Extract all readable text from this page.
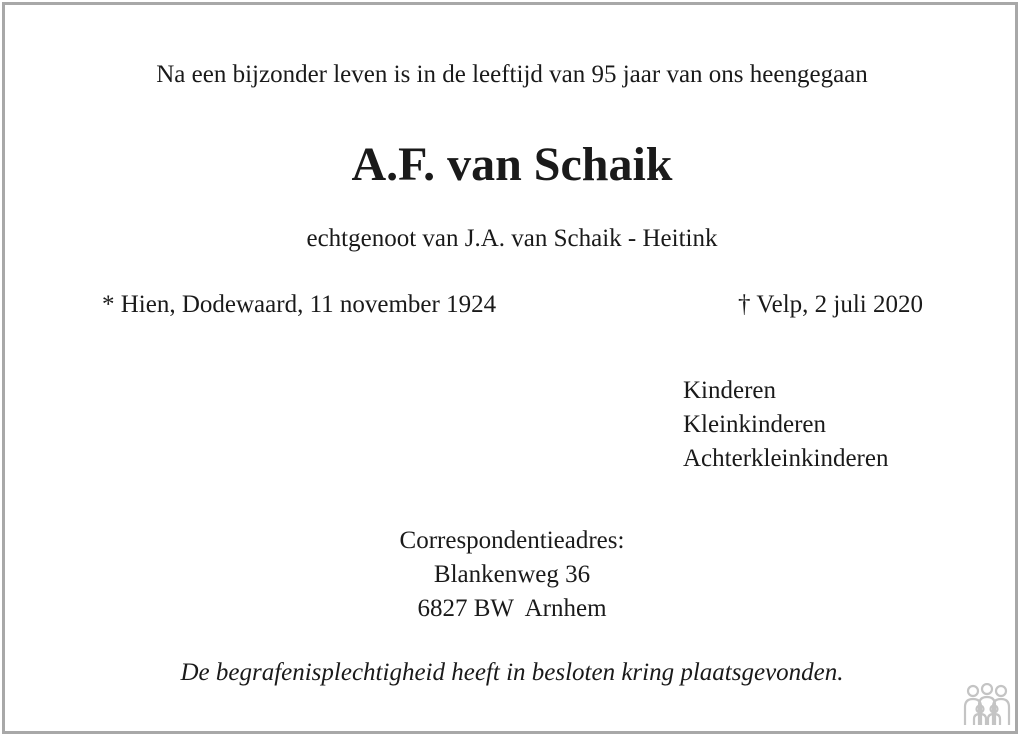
Na een bijzonder leven is in de leeftijd van 95 jaar van ons heengegaan
A.F. van Schaik
echtgenoot van J.A. van Schaik - Heitink
* Hien, Dodewaard, 11 november 1924	† Velp, 2 juli 2020
Kinderen
Kleinkinderen
Achterkleinkinderen
Correspondentieadres:
Blankenweg 36
6827 BW  Arnhem
De begrafenisplechtigheid heeft in besloten kring plaatsgevonden.
